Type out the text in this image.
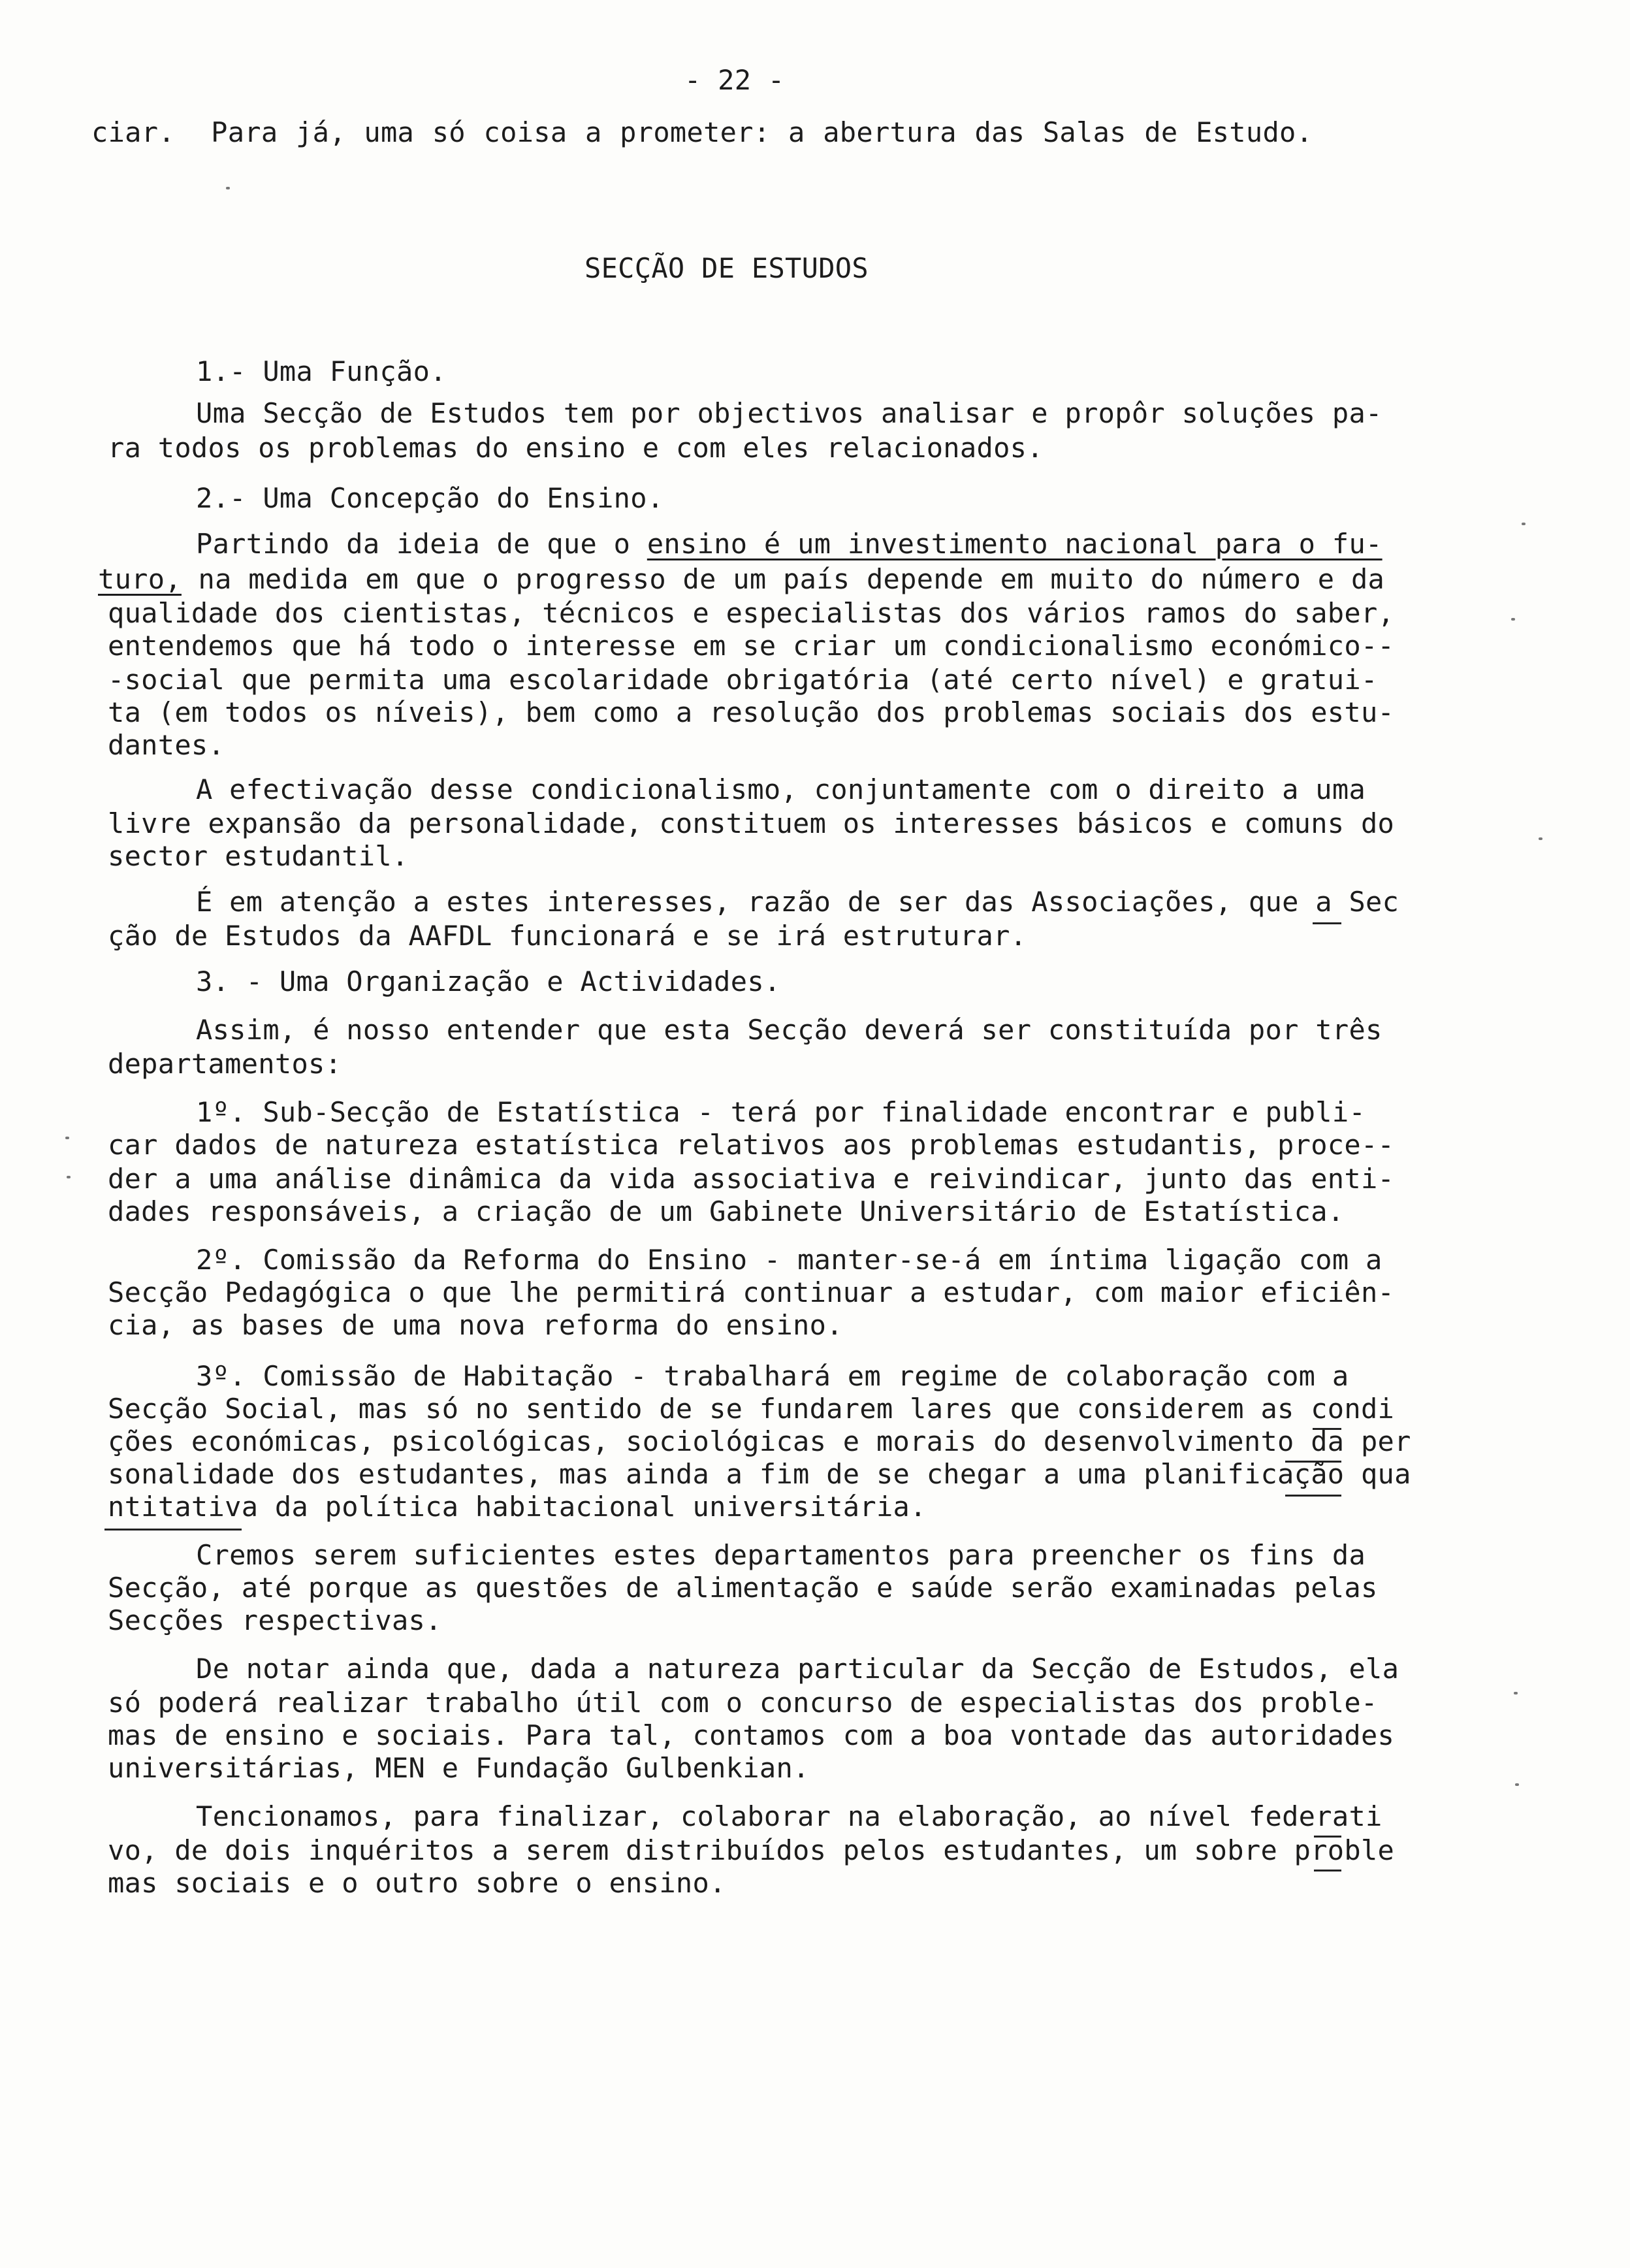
- 22 -
ciar.  Para já, uma só coisa a prometer: a abertura das Salas de Estudo.
SECÇÃO DE ESTUDOS
1.- Uma Função.
Uma Secção de Estudos tem por objectivos analisar e propôr soluções pa-
ra todos os problemas do ensino e com eles relacionados.
2.- Uma Concepção do Ensino.
Partindo da ideia de que o ensino é um investimento nacional para o fu-
turo, na medida em que o progresso de um país depende em muito do número e da
qualidade dos cientistas, técnicos e especialistas dos vários ramos do saber,
entendemos que há todo o interesse em se criar um condicionalismo económico--
-social que permita uma escolaridade obrigatória (até certo nível) e gratui-
ta (em todos os níveis), bem como a resolução dos problemas sociais dos estu-
dantes.
A efectivação desse condicionalismo, conjuntamente com o direito a uma
livre expansão da personalidade, constituem os interesses básicos e comuns do
sector estudantil.
É em atenção a estes interesses, razão de ser das Associações, que a Sec
ção de Estudos da AAFDL funcionará e se irá estruturar.
3. - Uma Organização e Actividades.
Assim, é nosso entender que esta Secção deverá ser constituída por três
departamentos:
1º. Sub-Secção de Estatística - terá por finalidade encontrar e publi-
car dados de natureza estatística relativos aos problemas estudantis, proce--
der a uma análise dinâmica da vida associativa e reivindicar, junto das enti-
dades responsáveis, a criação de um Gabinete Universitário de Estatística.
2º. Comissão da Reforma do Ensino - manter-se-á em íntima ligação com a
Secção Pedagógica o que lhe permitirá continuar a estudar, com maior eficiên-
cia, as bases de uma nova reforma do ensino.
3º. Comissão de Habitação - trabalhará em regime de colaboração com a
Secção Social, mas só no sentido de se fundarem lares que considerem as condi
ções económicas, psicológicas, sociológicas e morais do desenvolvimento da per
sonalidade dos estudantes, mas ainda a fim de se chegar a uma planificação qua
ntitativa da política habitacional universitária.
Cremos serem suficientes estes departamentos para preencher os fins da
Secção, até porque as questões de alimentação e saúde serão examinadas pelas
Secções respectivas.
De notar ainda que, dada a natureza particular da Secção de Estudos, ela
só poderá realizar trabalho útil com o concurso de especialistas dos proble-
mas de ensino e sociais. Para tal, contamos com a boa vontade das autoridades
universitárias, MEN e Fundação Gulbenkian.
Tencionamos, para finalizar, colaborar na elaboração, ao nível federati
vo, de dois inquéritos a serem distribuídos pelos estudantes, um sobre proble
mas sociais e o outro sobre o ensino.
